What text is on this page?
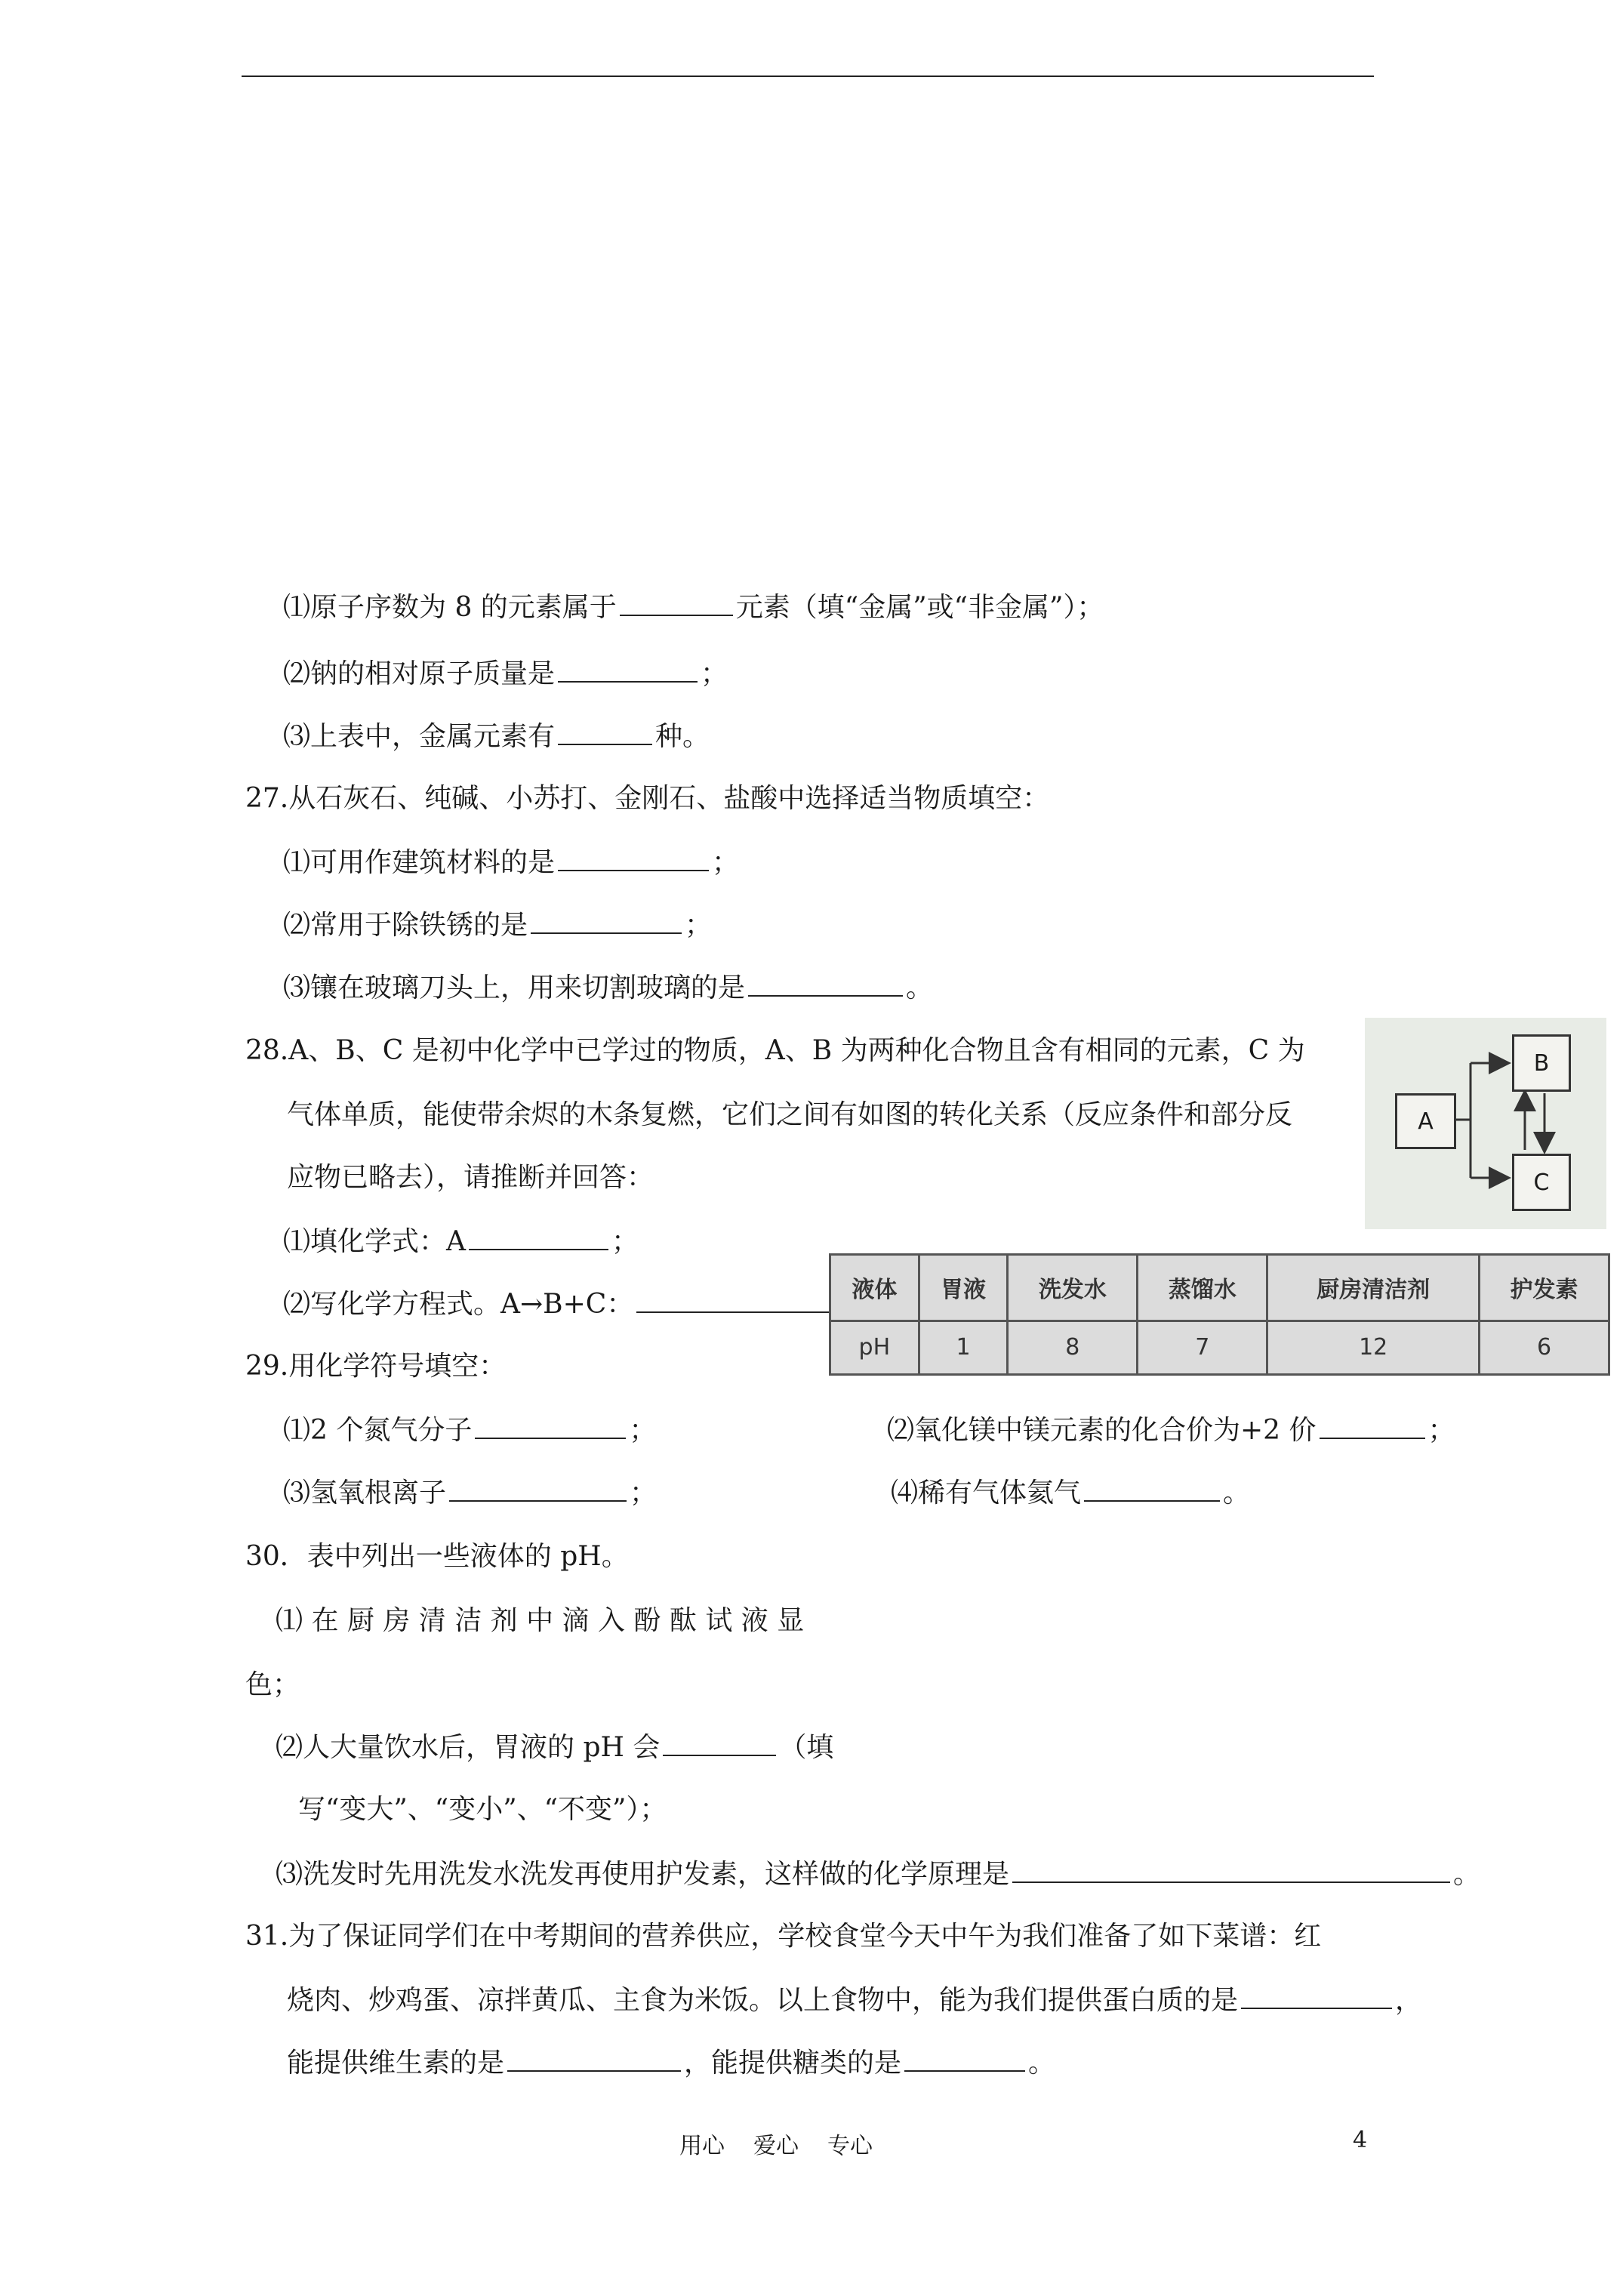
⑴原子序数为 8 的元素属于	元素（填“金属”或“非金属”）；
⑵钠的相对原子质量是	；
⑶上表中，金属元素有	种。
27.从石灰石、纯碱、小苏打、金刚石、盐酸中选择适当物质填空：
⑴可用作建筑材料的是	；
⑵常用于除铁锈的是	；
⑶镶在玻璃刀头上，用来切割玻璃的是	。
28.A、B、C 是初中化学中已学过的物质，A、B 为两种化合物且含有相同的元素，C 为
气体单质，能使带余烬的木条复燃，它们之间有如图的转化关系（反应条件和部分反
应物已略去），请推断并回答：
⑴填化学式：A	；
⑵写化学方程式。A→B+C：
A
B
C
29.用化学符号填空：
⑴2 个氮气分子	；	⑵氧化镁中镁元素的化合价为+2 价	；
⑶氢氧根离子	；	⑷稀有气体氦气	。
30．表中列出一些液体的 pH。
⑴ 在 厨 房 清 洁 剂 中 滴 入 酚 酞 试 液 显
色；
⑵人大量饮水后，胃液的 pH 会	（填
写“变大”、“变小”、“不变”）；
⑶洗发时先用洗发水洗发再使用护发素，这样做的化学原理是	。
液体	胃液	洗发水	蒸馏水	厨房清洁剂	护发素
pH	1	8	7	12	6
31.为了保证同学们在中考期间的营养供应，学校食堂今天中午为我们准备了如下菜谱：红
烧肉、炒鸡蛋、凉拌黄瓜、主食为米饭。以上食物中，能为我们提供蛋白质的是	，
能提供维生素的是	，能提供糖类的是	。
用心 爱心 专心	4
